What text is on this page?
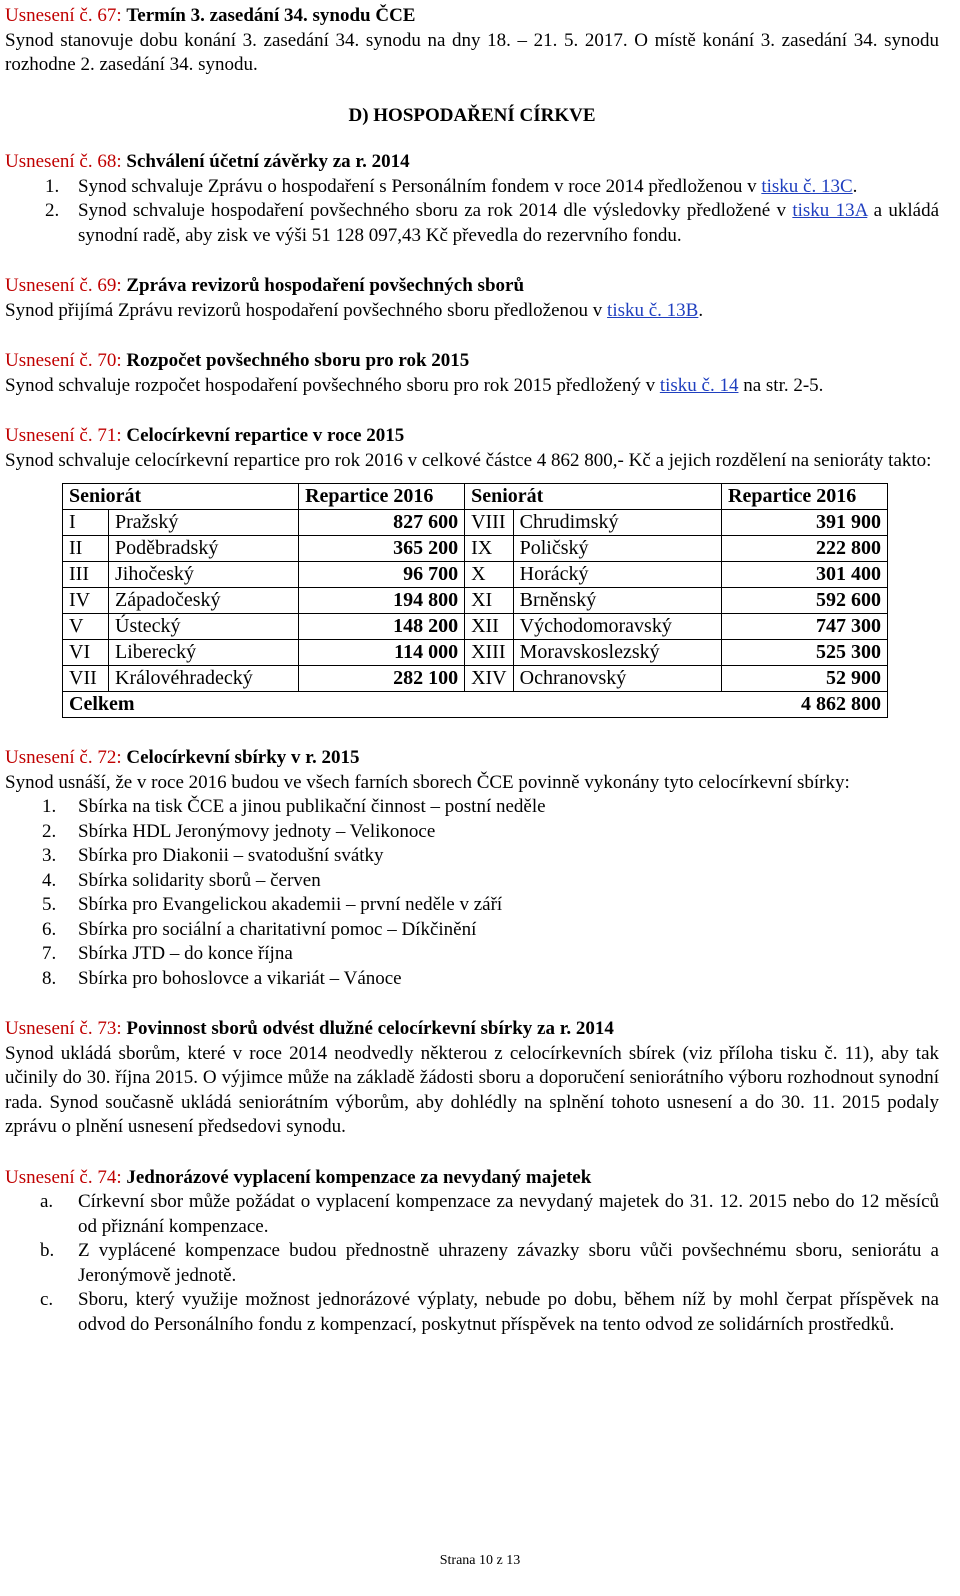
Usnesení č. 67: Termín 3. zasedání 34. synodu ČCE
Synod stanovuje dobu konání 3. zasedání 34. synodu na dny 18. – 21. 5. 2017. O místě konání 3. zasedání 34. synodu rozhodne 2. zasedání 34. synodu.
D) HOSPODAŘENÍ CÍRKVE
Usnesení č. 68: Schválení účetní závěrky za r. 2014
1. Synod schvaluje Zprávu o hospodaření s Personálním fondem v roce 2014 předloženou v tisku č. 13C.
2. Synod schvaluje hospodaření povšechného sboru za rok 2014 dle výsledovky předložené v tisku 13A a ukládá synodní radě, aby zisk ve výši 51 128 097,43 Kč převedla do rezervního fondu.
Usnesení č. 69: Zpráva revizorů hospodaření povšechných sborů
Synod přijímá Zprávu revizorů hospodaření povšechného sboru předloženou v tisku č. 13B.
Usnesení č. 70: Rozpočet povšechného sboru pro rok 2015
Synod schvaluje rozpočet hospodaření povšechného sboru pro rok 2015 předložený v tisku č. 14 na str. 2-5.
Usnesení č. 71: Celocírkevní repartice v roce 2015
Synod schvaluje celocírkevní repartice pro rok 2016 v celkové částce 4 862 800,- Kč a jejich rozdělení na senioráty takto:
Seniorát		Repartice 2016	Seniorát		Repartice 2016
I	Pražský	827 600	VIII	Chrudimský	391 900
II	Poděbradský	365 200	IX	Poličský	222 800
III	Jihočeský	96 700	X	Horácký	301 400
IV	Západočeský	194 800	XI	Brněnský	592 600
V	Ústecký	148 200	XII	Východomoravský	747 300
VI	Liberecký	114 000	XIII	Moravskoslezský	525 300
VII	Královéhradecký	282 100	XIV	Ochranovský	52 900
Celkem					4 862 800
Usnesení č. 72: Celocírkevní sbírky v r. 2015
Synod usnáší, že v roce 2016 budou ve všech farních sborech ČCE povinně vykonány tyto celocírkevní sbírky:
1. Sbírka na tisk ČCE a jinou publikační činnost – postní neděle
2. Sbírka HDL Jeronýmovy jednoty – Velikonoce
3. Sbírka pro Diakonii – svatodušní svátky
4. Sbírka solidarity sborů – červen
5. Sbírka pro Evangelickou akademii – první neděle v září
6. Sbírka pro sociální a charitativní pomoc – Díkčinění
7. Sbírka JTD – do konce října
8. Sbírka pro bohoslovce a vikariát – Vánoce
Usnesení č. 73: Povinnost sborů odvést dlužné celocírkevní sbírky za r. 2014
Synod ukládá sborům, které v roce 2014 neodvedly některou z celocírkevních sbírek (viz příloha tisku č. 11), aby tak učinily do 30. října 2015. O výjimce může na základě žádosti sboru a doporučení seniorátního výboru rozhodnout synodní rada. Synod současně ukládá seniorátním výborům, aby dohlédly na splnění tohoto usnesení a do 30. 11. 2015 podaly zprávu o plnění usnesení předsedovi synodu.
Usnesení č. 74: Jednorázové vyplacení kompenzace za nevydaný majetek
a. Církevní sbor může požádat o vyplacení kompenzace za nevydaný majetek do 31. 12. 2015 nebo do 12 měsíců od přiznání kompenzace.
b. Z vyplácené kompenzace budou přednostně uhrazeny závazky sboru vůči povšechnému sboru, seniorátu a Jeronýmově jednotě.
c. Sboru, který využije možnost jednorázové výplaty, nebude po dobu, během níž by mohl čerpat příspěvek na odvod do Personálního fondu z kompenzací, poskytnut příspěvek na tento odvod ze solidárních prostředků.
Strana 10 z 13
